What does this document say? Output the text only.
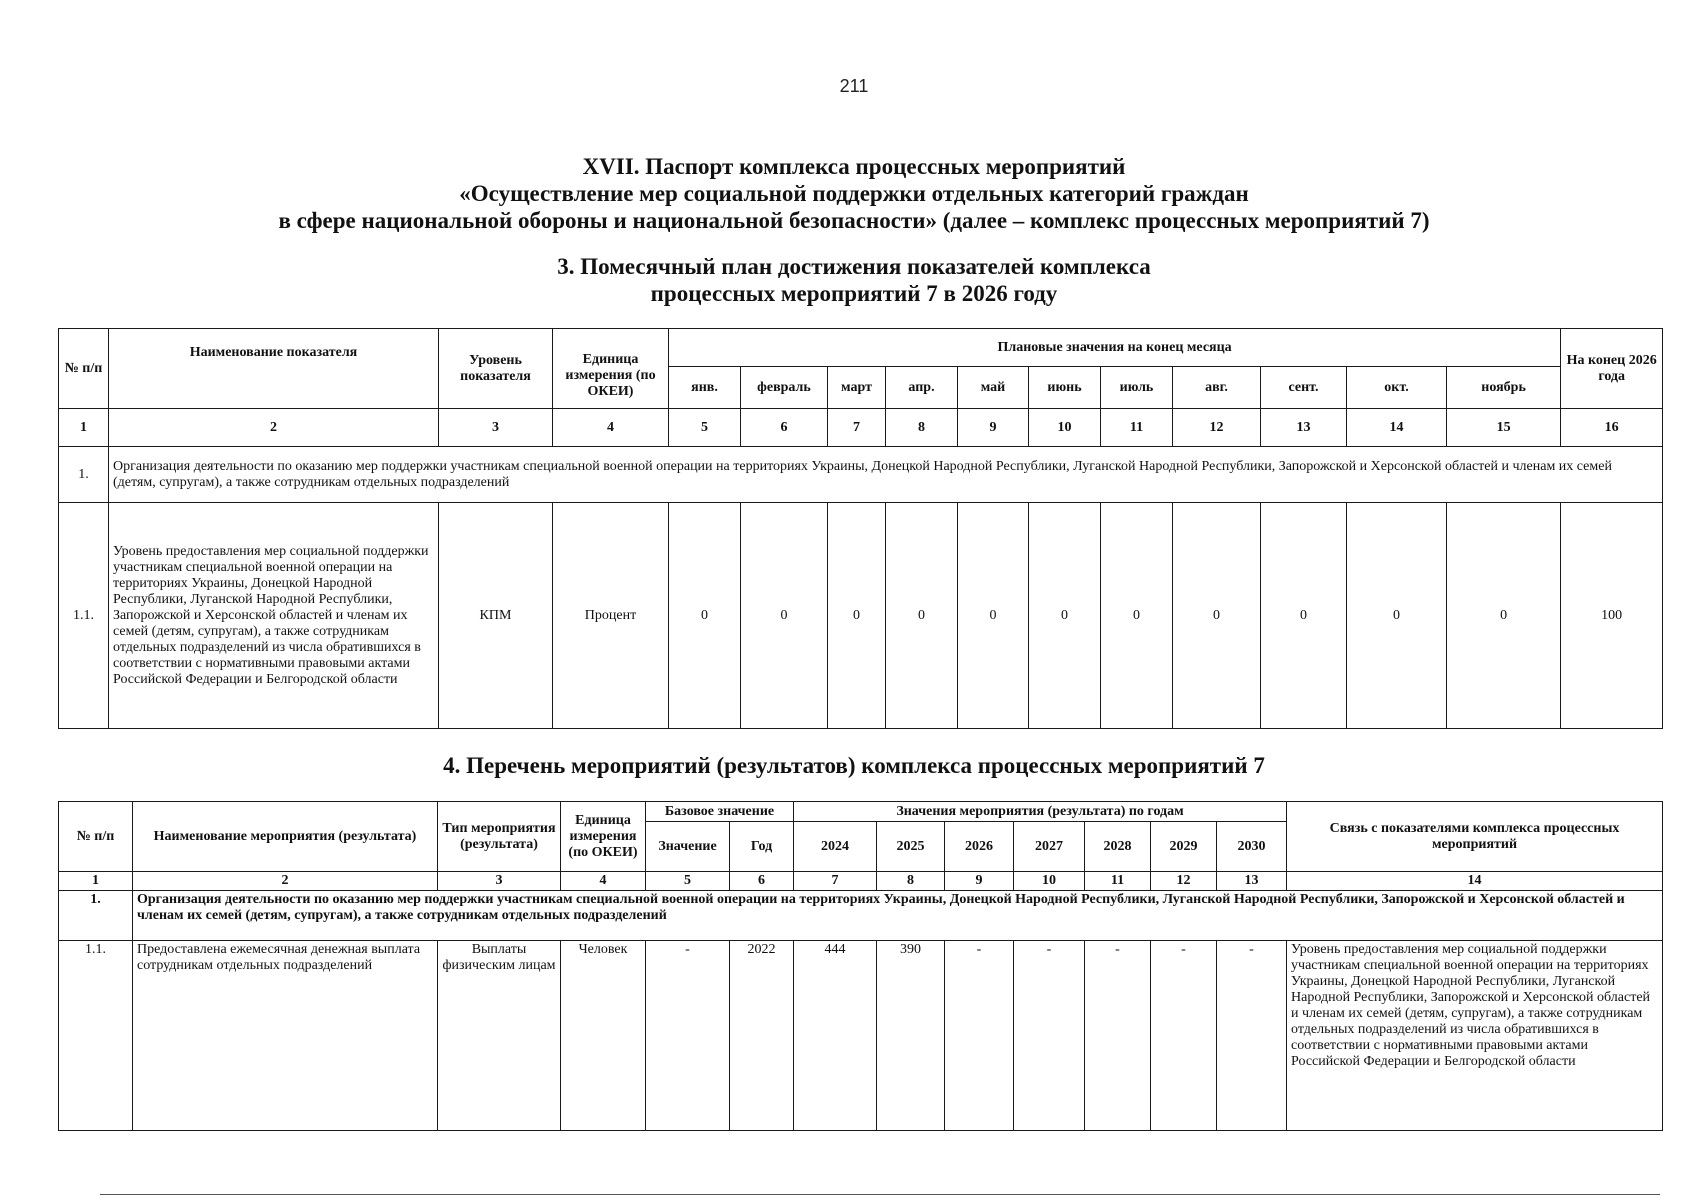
211
XVII. Паспорт комплекса процессных мероприятий
«Осуществление мер социальной поддержки отдельных категорий граждан
в сфере национальной обороны и национальной безопасности» (далее – комплекс процессных мероприятий 7)
3. Помесячный план достижения показателей комплекса
процессных мероприятий 7 в 2026 году
№ п/п	Наименование показателя	Уровень показателя	Единица измерения (по ОКЕИ)	Плановые значения на конец месяца											На конец 2026 года
				янв.	февраль	март	апр.	май	июнь	июль	авг.	сент.	окт.	ноябрь	
1	2	3	4	5	6	7	8	9	10	11	12	13	14	15	16
1.	Организация деятельности по оказанию мер поддержки участникам специальной военной операции на территориях Украины, Донецкой Народной Республики, Луганской Народной Республики, Запорожской и Херсонской областей и членам их семей (детям, супругам), а также сотрудникам отдельных подразделений														
1.1.	Уровень предоставления мер социальной поддержки участникам специальной военной операции на территориях Украины, Донецкой Народной Республики, Луганской Народной Республики, Запорожской и Херсонской областей и членам их семей (детям, супругам), а также сотрудникам отдельных подразделений из числа обратившихся в соответствии с нормативными правовыми актами Российской Федерации и Белгородской области	КПМ	Процент	0	0	0	0	0	0	0	0	0	0	0	100
4. Перечень мероприятий (результатов) комплекса процессных мероприятий 7
№ п/п	Наименование мероприятия (результата)	Тип мероприятия (результата)	Единица измерения (по ОКЕИ)	Базовое значение		Значения мероприятия (результата) по годам							Связь с показателями комплекса процессных мероприятий
				Значение	Год	2024	2025	2026	2027	2028	2029	2030	
1	2	3	4	5	6	7	8	9	10	11	12	13	14
1.	Организация деятельности по оказанию мер поддержки участникам специальной военной операции на территориях Украины, Донецкой Народной Республики, Луганской Народной Республики, Запорожской и Херсонской областей и членам их семей (детям, супругам), а также сотрудникам отдельных подразделений												
1.1.	Предоставлена ежемесячная денежная выплата сотрудникам отдельных подразделений	Выплаты физическим лицам	Человек	-	2022	444	390	-	-	-	-	-	Уровень предоставления мер социальной поддержки участникам специальной военной операции на территориях Украины, Донецкой Народной Республики, Луганской Народной Республики, Запорожской и Херсонской областей и членам их семей (детям, супругам), а также сотрудникам отдельных подразделений из числа обратившихся в соответствии с нормативными правовыми актами Российской Федерации и Белгородской области
